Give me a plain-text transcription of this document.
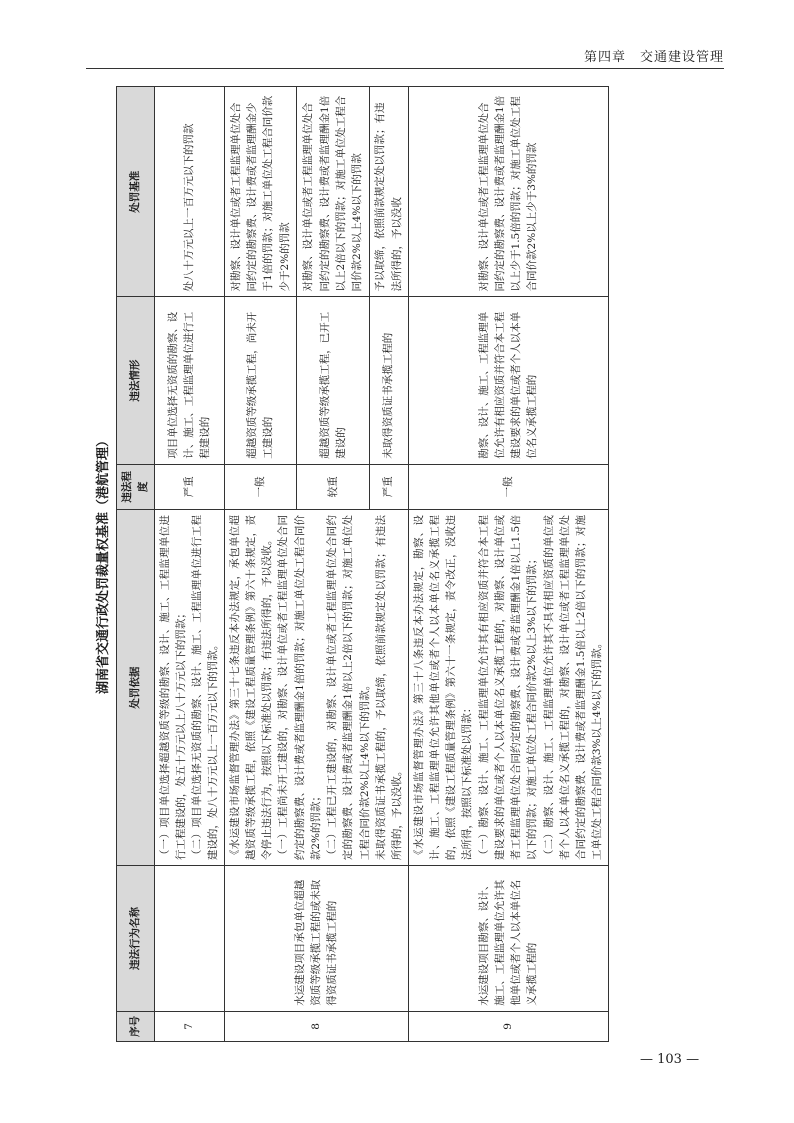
第四章　交通建设管理
湖南省交通行政处罚裁量权基准（港航管理）
序号	违法行为名称	处罚依据	违法程度	违法情形	处罚基准
7		（一）项目单位选择超越资质等级的勘察、设计、施工、工程监理单位进行工程建设的，处五十万元以上八十万元以下的罚款； （二）项目单位选择无资质的勘察、设计、施工、工程监理单位进行工程建设的，处八十万元以上一百万元以下的罚款。	严重	项目单位选择无资质的勘察、设计、施工、工程监理单位进行工程建设的	处八十万元以上一百万元以下的罚款
8	水运建设项目承包单位超越资质等级承揽工程的或未取得资质证书承揽工程的	《水运建设市场监督管理办法》第三十七条违反本办法规定，承包单位超越资质等级承揽工程，依照《建设工程质量管理条例》第六十条规定，责令停止违法行为，按照以下标准处以罚款；有违法所得的，予以没收。 （一）工程尚未开工建设的，对勘察、设计单位或者工程监理单位处合同约定的勘察费、设计费或者监理酬金1倍的罚款；对施工单位处工程合同价款2%的罚款； （二）工程已开工建设的，对勘察、设计单位或者工程监理单位处合同约定的勘察费、设计费或者监理酬金1倍以上2倍以下的罚款；对施工单位处工程合同价款2%以上4%以下的罚款。 未取得资质证书承揽工程的，予以取缔，依照前款规定处以罚款；有违法所得的，予以没收。	一般	超越资质等级承揽工程，尚未开工建设的	对勘察、设计单位或者工程监理单位处合同约定的勘察费、设计费或者监理酬金少于1倍的罚款；对施工单位处工程合同价款少于2%的罚款
			较重	超越资质等级承揽工程，已开工建设的	对勘察、设计单位或者工程监理单位处合同约定的勘察费、设计费或者监理酬金1倍以上2倍以下的罚款；对施工单位处工程合同价款2%以上4%以下的罚款
			严重	未取得资质证书承揽工程的	予以取缔，依照前款规定处以罚款；有违法所得的，予以没收
9	水运建设项目勘察、设计、施工、工程监理单位允许其他单位或者个人以本单位名义承揽工程的	《水运建设市场监督管理办法》第三十八条违反本办法规定，勘察、设计、施工、工程监理单位允许其他单位或者个人以本单位名义承揽工程的，依照《建设工程质量管理条例》第六十一条规定，责令改正，没收违法所得，按照以下标准处以罚款： （一）勘察、设计、施工、工程监理单位允许其有相应资质并符合本工程建设要求的单位或者个人以本单位名义承揽工程的，对勘察、设计单位或者工程监理单位处合同约定的勘察费、设计费或者监理酬金1倍以上1.5倍以下的罚款；对施工单位处工程合同价款2%以上3%以下的罚款； （二）勘察、设计、施工、工程监理单位允许其不具有相应资质的单位或者个人以本单位名义承揽工程的，对勘察、设计单位或者工程监理单位处合同约定的勘察费、设计费或者监理酬金1.5倍以上2倍以下的罚款；对施工单位处工程合同价款3%以上4%以下的罚款。	一般	勘察、设计、施工、工程监理单位允许有相应资质并符合本工程建设要求的单位或者个人以本单位名义承揽工程的	对勘察、设计单位或者工程监理单位处合同约定的勘察费、设计费或者监理酬金1倍以上少于1.5倍的罚款；对施工单位处工程合同价款2%以上少于3%的罚款
— 103 —
